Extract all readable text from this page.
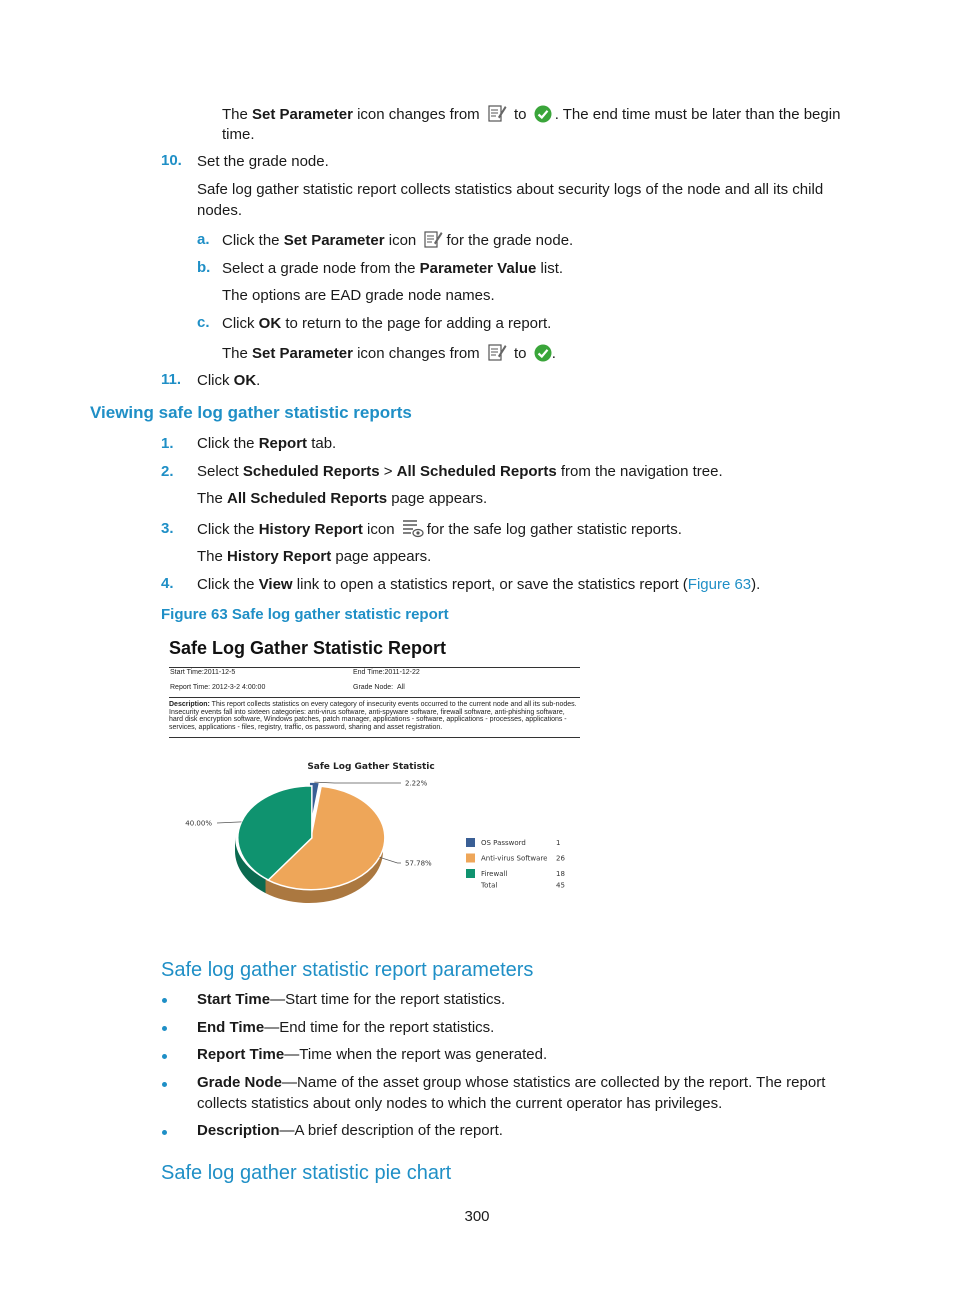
The Set Parameter icon changes from to . The end time must be later than the begin
time.
10. Set the grade node.
Safe log gather statistic report collects statistics about security logs of the node and all its child
nodes.
a. Click the Set Parameter icon for the grade node.
b. Select a grade node from the Parameter Value list.
The options are EAD grade node names.
c. Click OK to return to the page for adding a report.
The Set Parameter icon changes from to .
11. Click OK.
Viewing safe log gather statistic reports
1. Click the Report tab.
2. Select Scheduled Reports > All Scheduled Reports from the navigation tree.
The All Scheduled Reports page appears.
3. Click the History Report icon for the safe log gather statistic reports.
The History Report page appears.
4. Click the View link to open a statistics report, or save the statistics report (Figure 63).
Figure 63 Safe log gather statistic report
Safe Log Gather Statistic Report
Start Time:2011-12-5	End Time:2011-12-22
Report Time: 2012-3-2 4:00:00	Grade Node: All
Description: This report collects statistics on every category of insecurity events occurred to the current node and all its sub-nodes. Insecurity events fall into sixteen categories: anti-virus software, anti-spyware software, firewall software, anti-phishing software, hard disk encryption software, Windows patches, patch manager, applications - software, applications - processes, applications - services, applications - files, registry, traffic, os password, sharing and asset registration.
Safe Log Gather Statistic
2.22%
57.78%
40.00%
OS Password	1
Anti-virus Software 26
Firewall	18
Total	45
Safe log gather statistic report parameters
Start Time—Start time for the report statistics.
End Time—End time for the report statistics.
Report Time—Time when the report was generated.
Grade Node—Name of the asset group whose statistics are collected by the report. The report
collects statistics about only nodes to which the current operator has privileges.
Description—A brief description of the report.
Safe log gather statistic pie chart
300
